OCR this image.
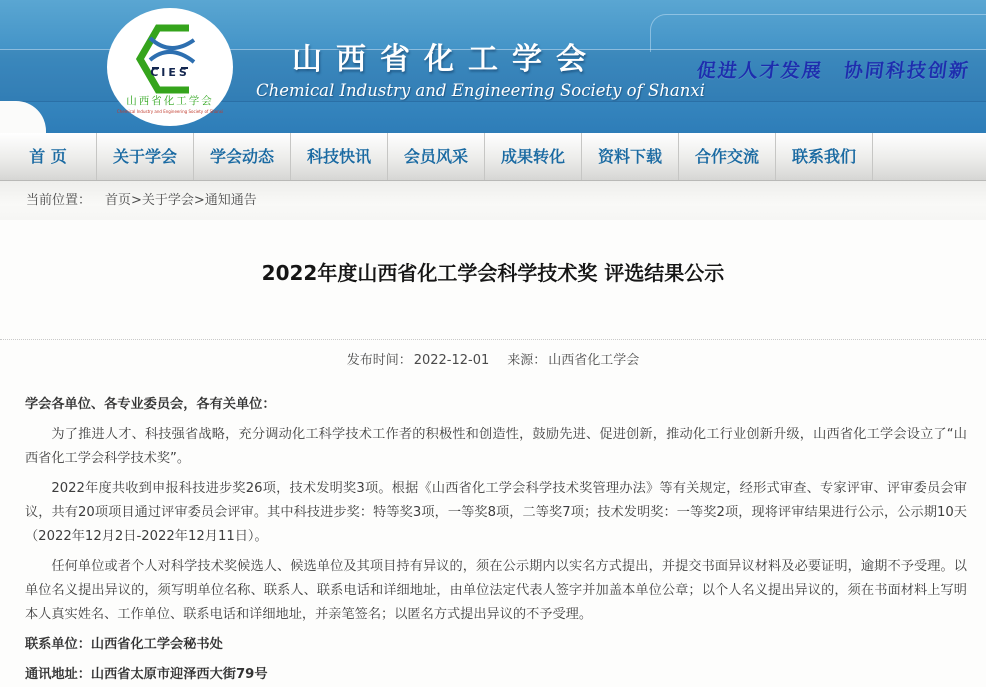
CIES
山西省化工学会
Chemical Industry and Engineering Society of Shanxi
山西省化工学会
Chemical Industry and Engineering Society of Shanxi
促进人才发展　协同科技创新
首 页	关于学会	学会动态	科技快讯	会员风采	成果转化	资料下载	合作交流	联系我们
当前位置： 首页>关于学会>通知通告
2022年度山西省化工学会科学技术奖 评选结果公示
发布时间： 2022-12-01 来源： 山西省化工学会

学会各单位、各专业委员会，各有关单位：

为了推进人才、科技强省战略，充分调动化工科学技术工作者的积极性和创造性，鼓励先进、促进创新，推动化工行业创新升级，山西省化工学会设立了“山西省化工学会科学技术奖”。

2022年度共收到申报科技进步奖26项，技术发明奖3项。根据《山西省化工学会科学技术奖管理办法》等有关规定，经形式审查、专家评审、评审委员会审议，共有20项项目通过评审委员会评审。其中科技进步奖：特等奖3项，一等奖8项，二等奖7项；技术发明奖：一等奖2项，现将评审结果进行公示，公示期10天（2022年12月2日-2022年12月11日）。

任何单位或者个人对科学技术奖候选人、候选单位及其项目持有异议的，须在公示期内以实名方式提出，并提交书面异议材料及必要证明，逾期不予受理。以单位名义提出异议的，须写明单位名称、联系人、联系电话和详细地址，由单位法定代表人签字并加盖本单位公章；以个人名义提出异议的，须在书面材料上写明本人真实姓名、工作单位、联系电话和详细地址，并亲笔签名；以匿名方式提出异议的不予受理。

联系单位：山西省化工学会秘书处

通讯地址：山西省太原市迎泽西大街79号
